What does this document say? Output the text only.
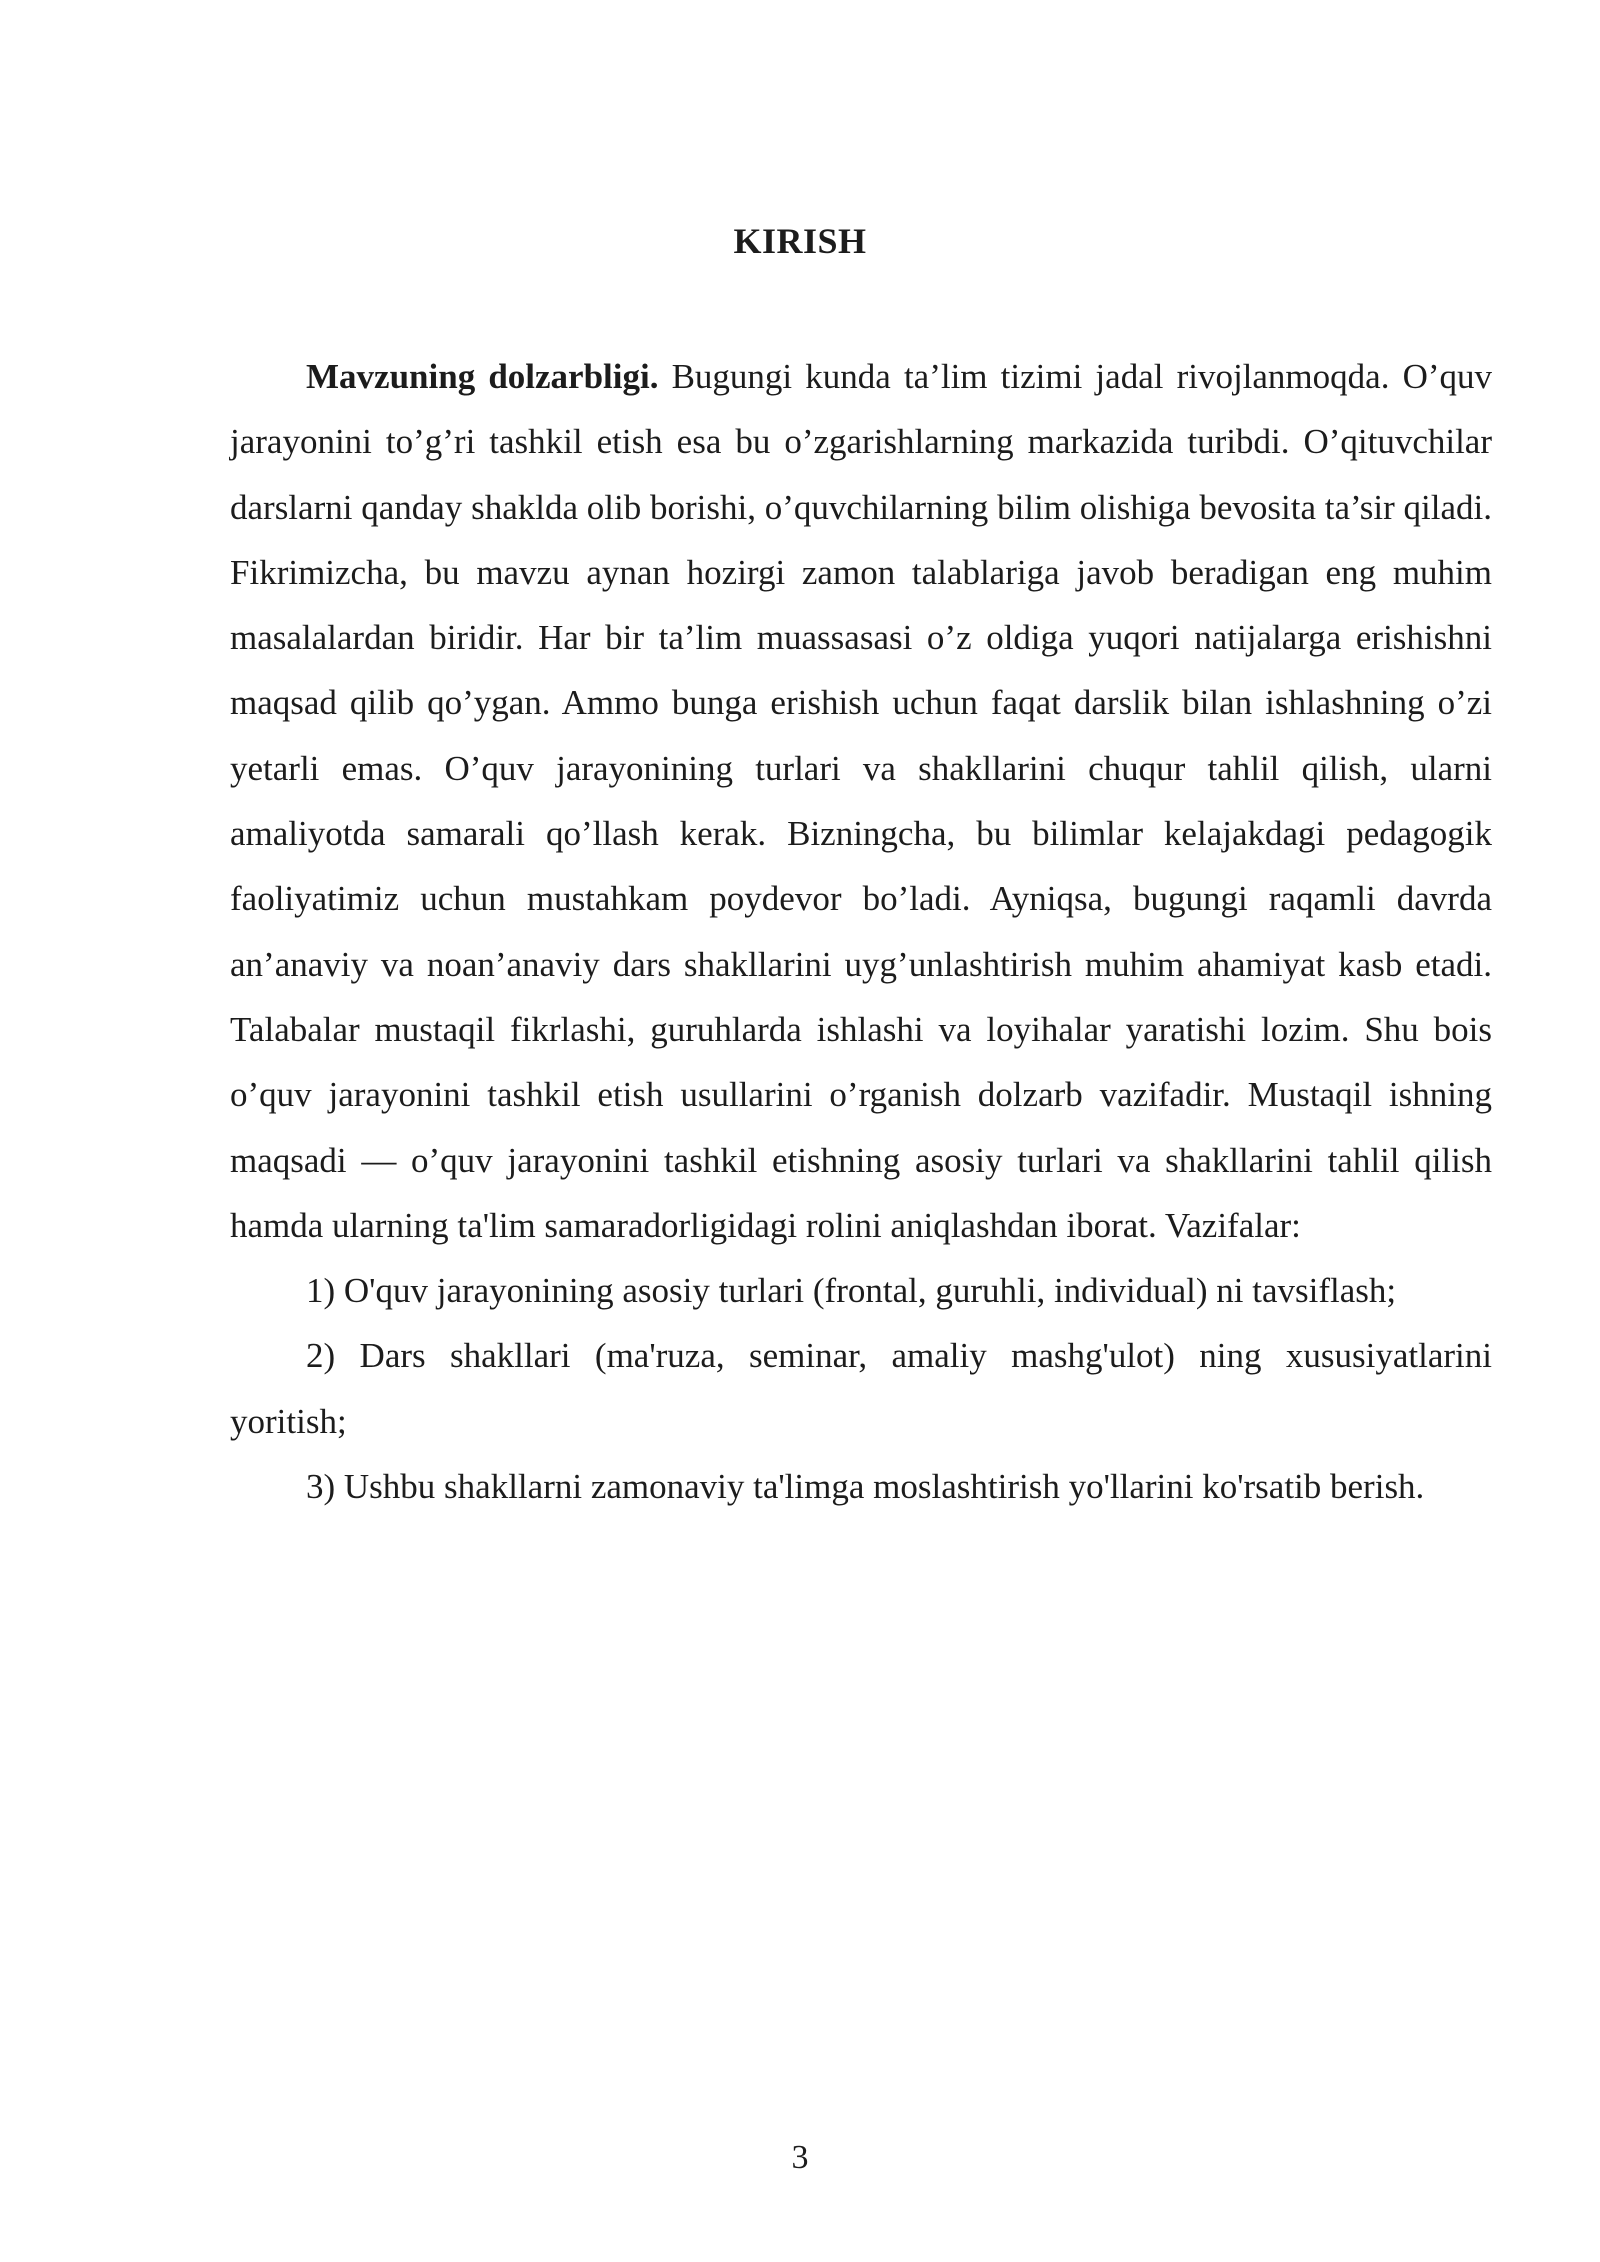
KIRISH

Mavzuning dolzarbligi. Bugungi kunda ta’lim tizimi jadal rivojlanmoqda. O’quv jarayonini to’g’ri tashkil etish esa bu o’zgarishlarning markazida turibdi. O’qituvchilar darslarni qanday shaklda olib borishi, o’quvchilarning bilim olishiga bevosita ta’sir qiladi. Fikrimizcha, bu mavzu aynan hozirgi zamon talablariga javob beradigan eng muhim masalalardan biridir. Har bir ta’lim muassasasi o’z oldiga yuqori natijalarga erishishni maqsad qilib qo’ygan. Ammo bunga erishish uchun faqat darslik bilan ishlashning o’zi yetarli emas. O’quv jarayonining turlari va shakllarini chuqur tahlil qilish, ularni amaliyotda samarali qo’llash kerak. Bizningcha, bu bilimlar kelajakdagi pedagogik faoliyatimiz uchun mustahkam poydevor bo’ladi. Ayniqsa, bugungi raqamli davrda an’anaviy va noan’anaviy dars shakllarini uyg’unlashtirish muhim ahamiyat kasb etadi. Talabalar mustaqil fikrlashi, guruhlarda ishlashi va loyihalar yaratishi lozim. Shu bois o’quv jarayonini tashkil etish usullarini o’rganish dolzarb vazifadir. Mustaqil ishning maqsadi — o’quv jarayonini tashkil etishning asosiy turlari va shakllarini tahlil qilish hamda ularning ta'lim samaradorligidagi rolini aniqlashdan iborat. Vazifalar:

1) O'quv jarayonining asosiy turlari (frontal, guruhli, individual) ni tavsiflash;

2) Dars shakllari (ma'ruza, seminar, amaliy mashg'ulot) ning xususiyatlarini yoritish;

3) Ushbu shakllarni zamonaviy ta'limga moslashtirish yo'llarini ko'rsatib berish.

3
